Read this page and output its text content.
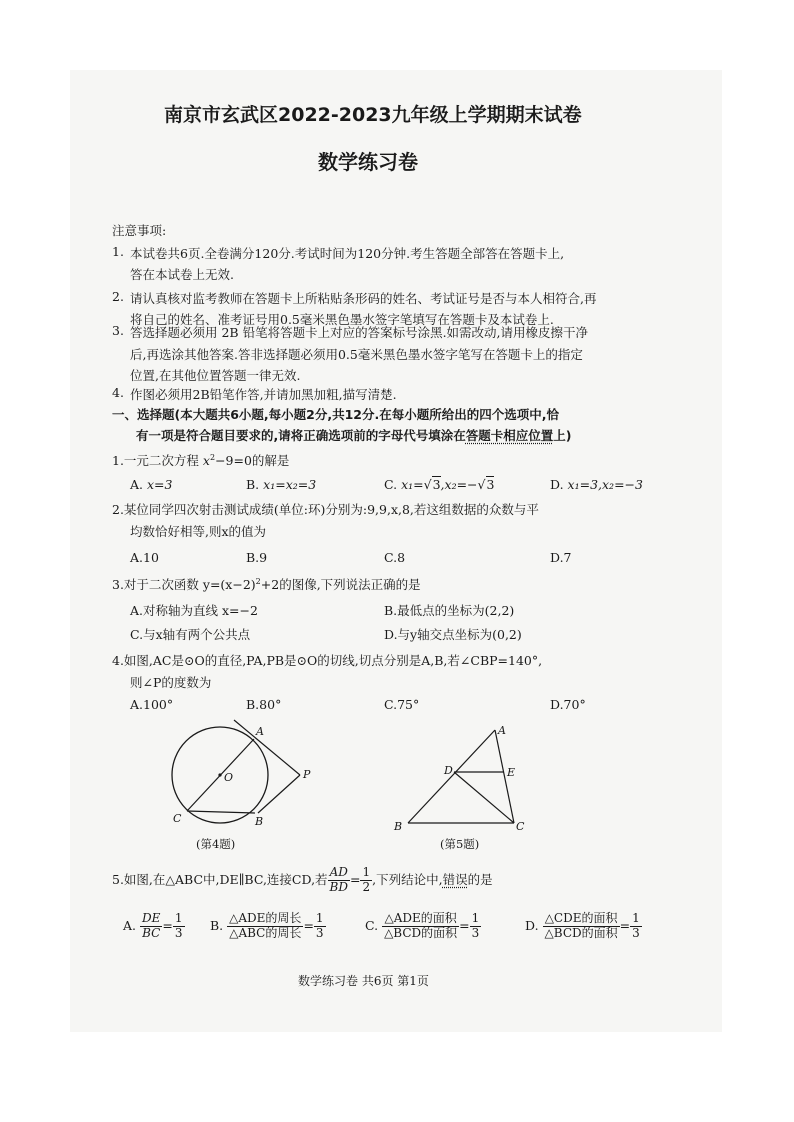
南京市玄武区2022-2023九年级上学期期末试卷
数学练习卷
注意事项:
1. 本试卷共6页.全卷满分120分.考试时间为120分钟.考生答题全部答在答题卡上,
答在本试卷上无效.
2. 请认真核对监考教师在答题卡上所粘贴条形码的姓名、考试证号是否与本人相符合,再
将自己的姓名、准考证号用0.5毫米黑色墨水签字笔填写在答题卡及本试卷上.
3. 答选择题必须用 2B 铅笔将答题卡上对应的答案标号涂黑.如需改动,请用橡皮擦干净
后,再选涂其他答案.答非选择题必须用0.5毫米黑色墨水签字笔写在答题卡上的指定
位置,在其他位置答题一律无效.
4. 作图必须用2B铅笔作答,并请加黑加粗,描写清楚.
一、选择题(本大题共6小题,每小题2分,共12分.在每小题所给出的四个选项中,恰
有一项是符合题目要求的,请将正确选项前的字母代号填涂在答题卡相应位置上)
1.一元二次方程 $x^2-9=0$的解是
A. x=3	B. x₁=x₂=3	C. x₁=√3,x₂=−√3	D. x₁=3,x₂=−3
2.某位同学四次射击测试成绩(单位:环)分别为:9,9,x,8,若这组数据的众数与平
均数恰好相等,则x的值为
A.10	B.9	C.8	D.7
3.对于二次函数 $y=(x-2)^2+2$的图像,下列说法正确的是
A.对称轴为直线 x=−2	B.最低点的坐标为(2,2)
C.与x轴有两个公共点	D.与y轴交点坐标为(0,2)
4.如图,AC是⊙O的直径,PA,PB是⊙O的切线,切点分别是A,B,若∠CBP=140°,
则∠P的度数为
A.100°	B.80°	C.75°	D.70°
A
O	P
C	B
(第4题)
A
D	E
B	C
(第5题)
5.如图,在△ABC中,DE∥BC,连接CD,若 $\frac{AD}{BD} = \frac{1}{2}$ ,下列结论中,错误的是
A. $\frac{DE}{BC} = \frac{1}{3} B$. $\frac{\text{△ADE的周长}}{\text{△ABC的周长}} = \frac{1}{3}$	C. $\frac{\text{△ADE的面积}}{\text{△BCD的面积}} = \frac{1}{3}$	D. $\frac{\text{△CDE的面积}}{\text{△BCD的面积}} = \frac{1}{3}$
数学练习卷 共6页 第1页
